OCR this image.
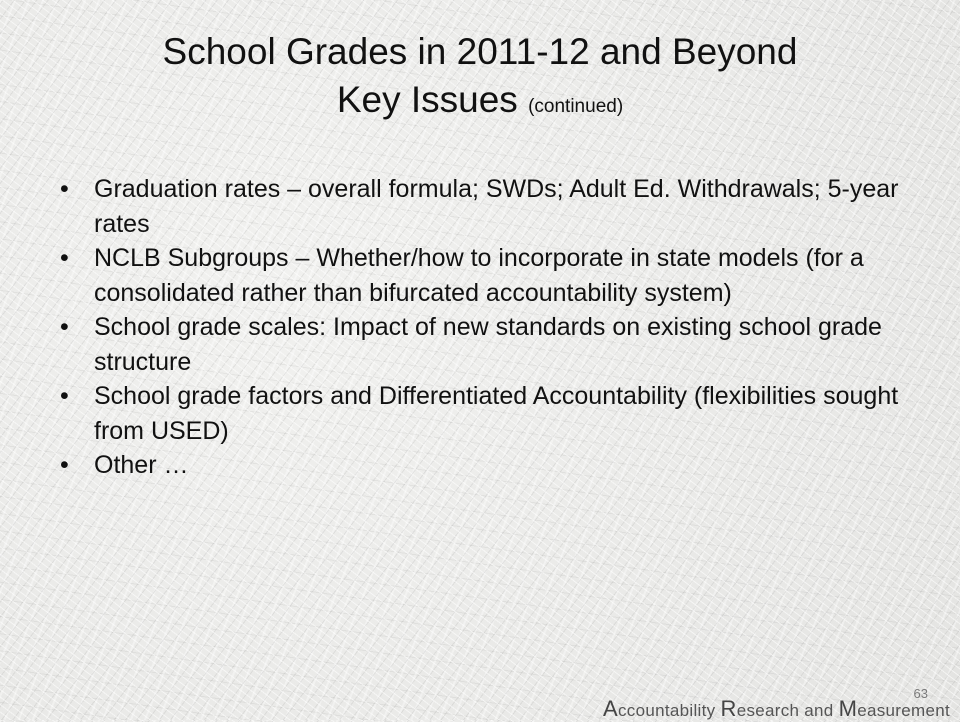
School Grades in 2011-12 and Beyond
Key Issues (continued)
• Graduation rates – overall formula; SWDs; Adult Ed. Withdrawals; 5-year rates
• NCLB Subgroups – Whether/how to incorporate in state models (for a consolidated rather than bifurcated accountability system)
• School grade scales: Impact of new standards on existing school grade structure
• School grade factors and Differentiated Accountability (flexibilities sought from USED)
• Other …
63
Accountability Research and Measurement
